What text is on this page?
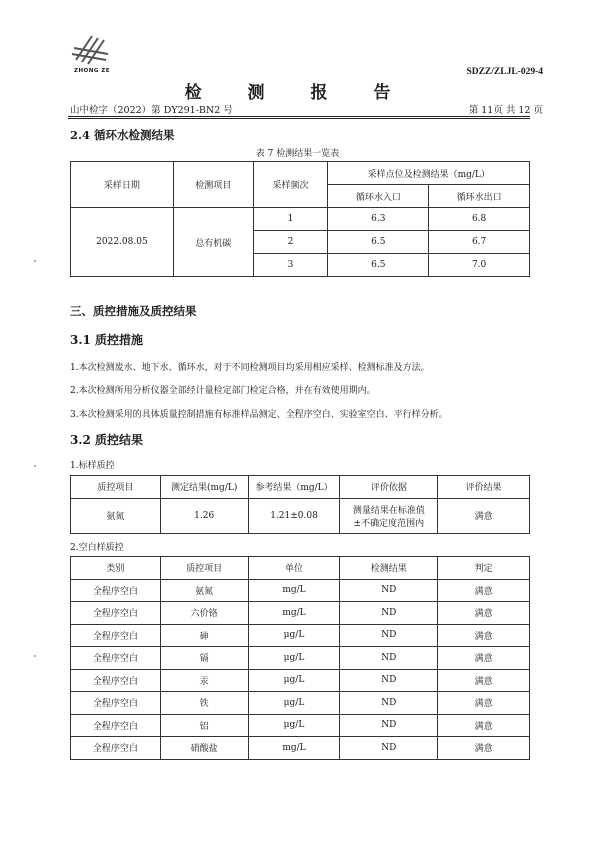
ZHONG ZE	SDZZ/ZLJL-029-4
检 测 报 告
山中检字（2022）第 DY291-BN2 号	第 11页 共 12 页
2.4 循环水检测结果
表 7 检测结果一览表
采样日期	检测项目	采样频次	采样点位及检测结果（mg/L）	
			循环水入口	循环水出口
2022.08.05	总有机碳	1	6.3	6.8
		2	6.5	6.7
		3	6.5	7.0
三、质控措施及质控结果
3.1 质控措施
1.本次检测废水、地下水、循环水，对于不同检测项目均采用相应采样、检测标准及方法。
2.本次检测所用分析仪器全部经计量检定部门检定合格，并在有效使用期内。
3.本次检测采用的具体质量控制措施有标准样品测定、全程序空白、实验室空白、平行样分析。
3.2 质控结果
1.标样质控
质控项目	测定结果(mg/L)	参考结果（mg/L）	评价依据	评价结果
氨氮	1.26	1.21±0.08	测量结果在标准值
±不确定度范围内	满意
2.空白样质控
类别	质控项目	单位	检测结果	判定
全程序空白	氨氮	mg/L	ND	满意
全程序空白	六价铬	mg/L	ND	满意
全程序空白	砷	μg/L	ND	满意
全程序空白	镉	μg/L	ND	满意
全程序空白	汞	μg/L	ND	满意
全程序空白	铁	μg/L	ND	满意
全程序空白	铝	μg/L	ND	满意
全程序空白	硝酸盐	mg/L	ND	满意
